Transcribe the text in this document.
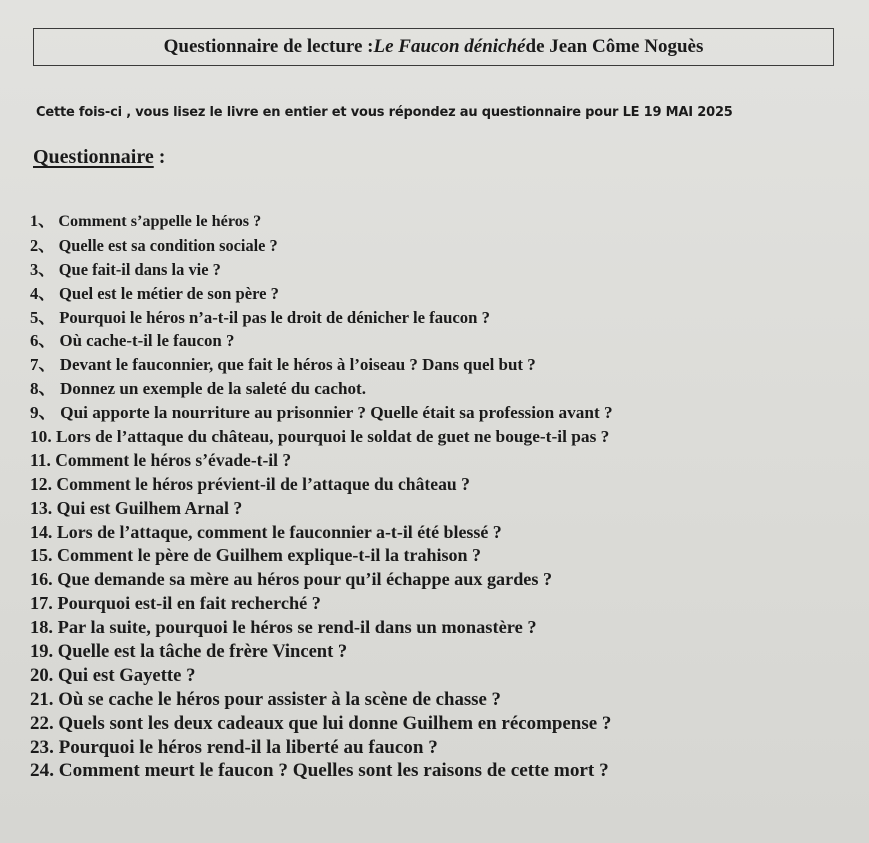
Questionnaire de lecture : Le Faucon déniché de Jean Côme Noguès
Cette fois-ci , vous lisez le livre en entier et vous répondez au questionnaire pour LE 19 MAI 2025
Questionnaire :
1、 Comment s’appelle le héros ?
2、 Quelle est sa condition sociale ?
3、 Que fait-il dans la vie ?
4、 Quel est le métier de son père ?
5、 Pourquoi le héros n’a-t-il pas le droit de dénicher le faucon ?
6、 Où cache-t-il le faucon ?
7、 Devant le fauconnier, que fait le héros à l’oiseau ? Dans quel but ?
8、 Donnez un exemple de la saleté du cachot.
9、 Qui apporte la nourriture au prisonnier ? Quelle était sa profession avant ?
10. Lors de l’attaque du château, pourquoi le soldat de guet ne bouge-t-il pas ?
11. Comment le héros s’évade-t-il ?
12. Comment le héros prévient-il de l’attaque du château ?
13. Qui est Guilhem Arnal ?
14. Lors de l’attaque, comment le fauconnier a-t-il été blessé ?
15. Comment le père de Guilhem explique-t-il la trahison ?
16. Que demande sa mère au héros pour qu’il échappe aux gardes ?
17. Pourquoi est-il en fait recherché ?
18. Par la suite, pourquoi le héros se rend-il dans un monastère ?
19. Quelle est la tâche de frère Vincent ?
20. Qui est Gayette ?
21. Où se cache le héros pour assister à la scène de chasse ?
22. Quels sont les deux cadeaux que lui donne Guilhem en récompense ?
23. Pourquoi le héros rend-il la liberté au faucon ?
24. Comment meurt le faucon ? Quelles sont les raisons de cette mort ?
